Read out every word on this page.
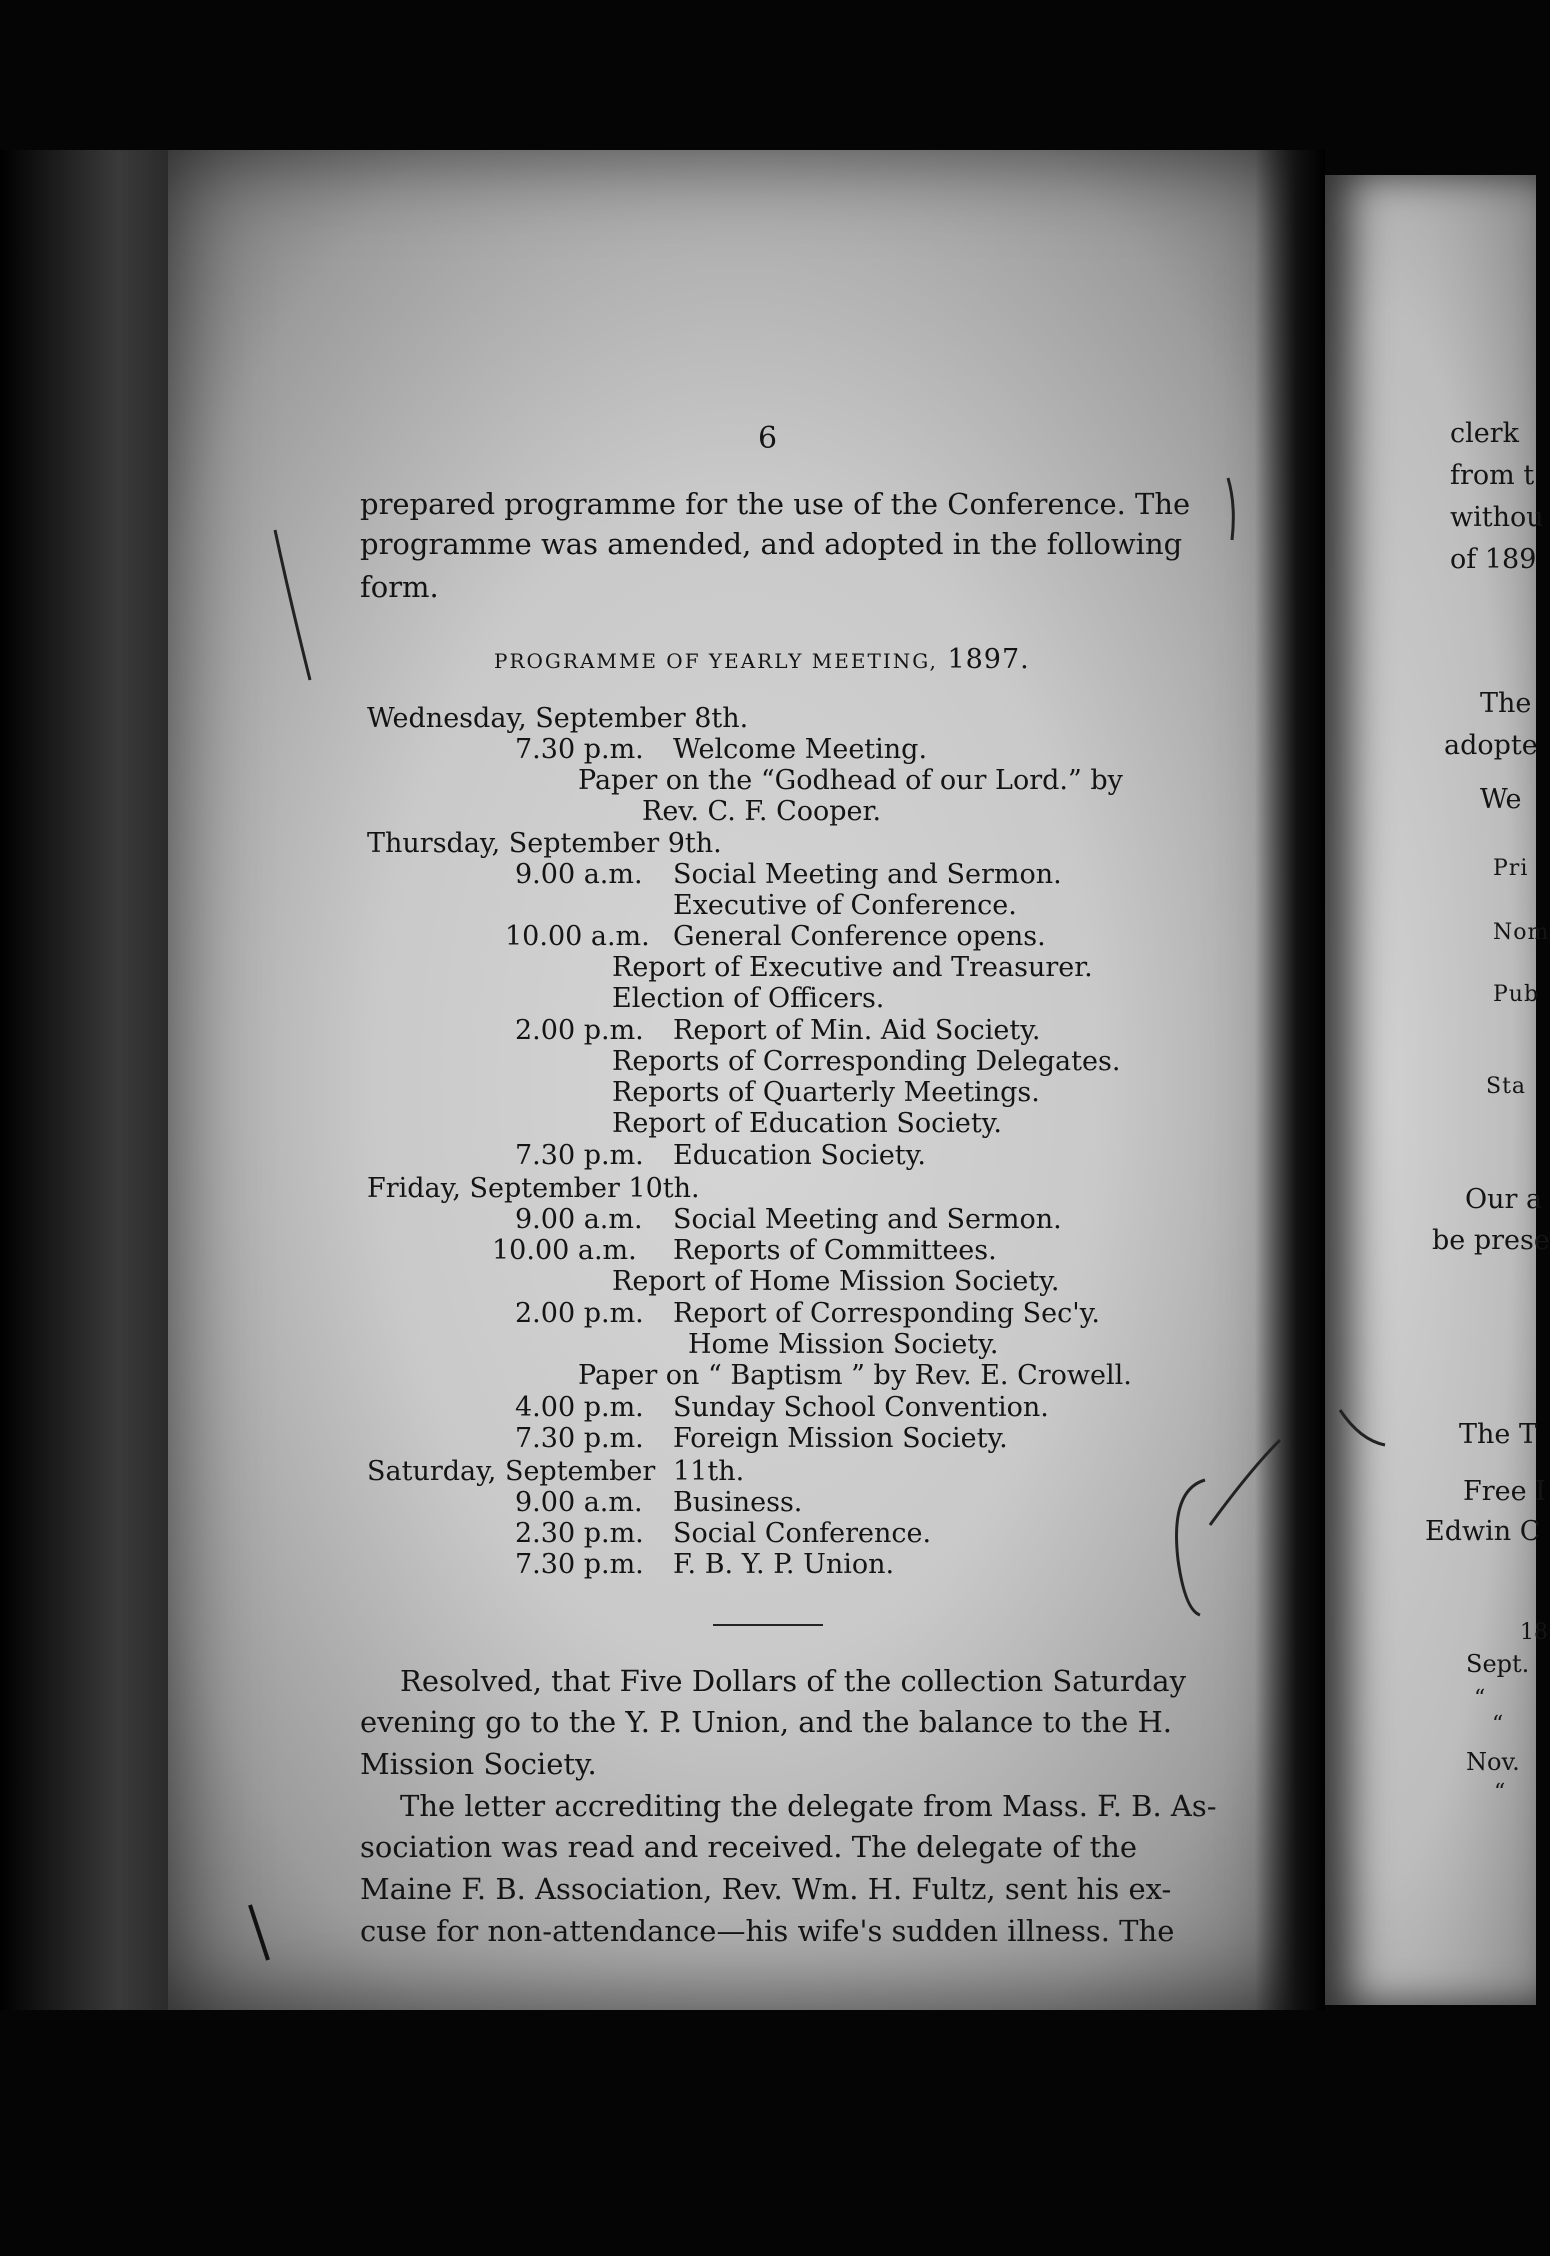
6
prepared programme for the use of the Conference. The
programme was amended, and adopted in the following
form.
PROGRAMME OF YEARLY MEETING, 1897.
Wednesday, September 8th.
7.30 p.m. Welcome Meeting.
Paper on the “Godhead of our Lord.” by
Rev. C. F. Cooper.
Thursday, September 9th.
9.00 a.m. Social Meeting and Sermon.
Executive of Conference.
10.00 a.m. General Conference opens.
Report of Executive and Treasurer.
Election of Officers.
2.00 p.m. Report of Min. Aid Society.
Reports of Corresponding Delegates.
Reports of Quarterly Meetings.
Report of Education Society.
7.30 p.m. Education Society.
Friday, September 10th.
9.00 a.m. Social Meeting and Sermon.
10.00 a.m. Reports of Committees.
Report of Home Mission Society.
2.00 p.m. Report of Corresponding Sec'y.
Home Mission Society.
Paper on “ Baptism ” by Rev. E. Crowell.
4.00 p.m. Sunday School Convention.
7.30 p.m. Foreign Mission Society.
Saturday, September 11th.
9.00 a.m. Business.
2.30 p.m. Social Conference.
7.30 p.m. F. B. Y. P. Union.
Resolved, that Five Dollars of the collection Saturday
evening go to the Y. P. Union, and the balance to the H.
Mission Society.
The letter accrediting the delegate from Mass. F. B. As-
sociation was read and received. The delegate of the
Maine F. B. Association, Rev. Wm. H. Fultz, sent his ex-
cuse for non-attendance—his wife's sudden illness. The
clerk
from t
withou
of 189
The
adopte
We
Pri
Nom
Pub
Sta
Our a
be prese
The T
Free I
Edwin C
18
Sept.
“
“
Nov.
“
